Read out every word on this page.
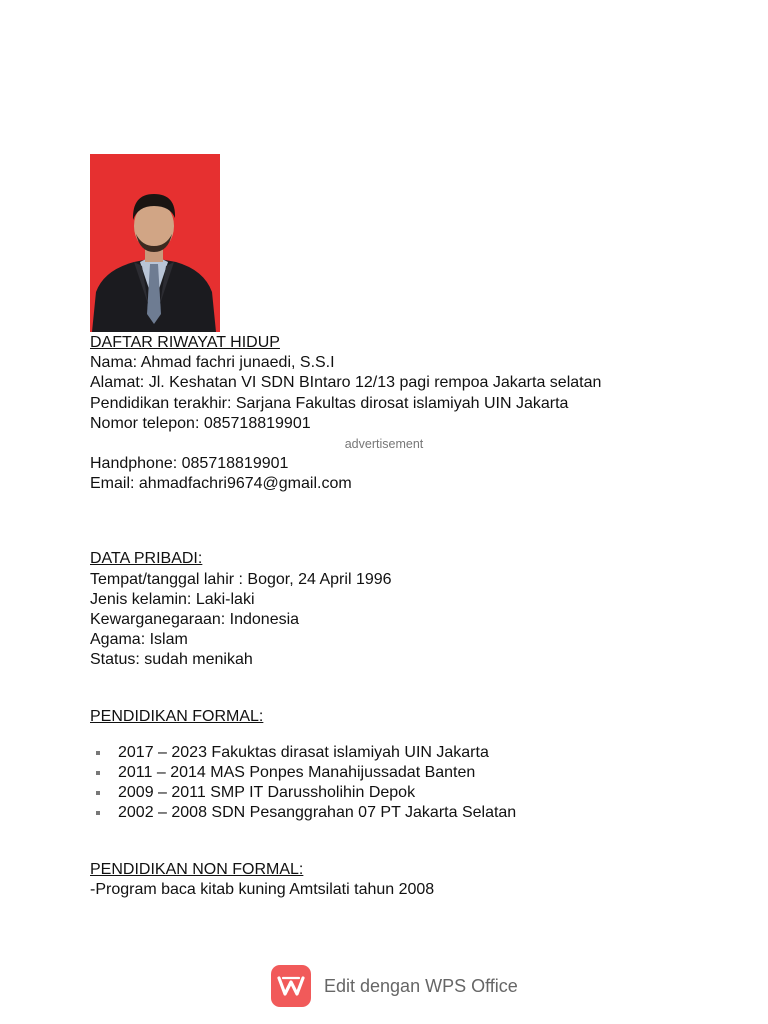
DAFTAR RIWAYAT HIDUP
Nama: Ahmad fachri junaedi, S.S.I
Alamat: Jl. Keshatan VI SDN BIntaro 12/13 pagi rempoa Jakarta selatan
Pendidikan terakhir: Sarjana Fakultas dirosat islamiyah UIN Jakarta
Nomor telepon: 085718819901
advertisement
Handphone: 085718819901
Email: ahmadfachri9674@gmail.com
DATA PRIBADI:
Tempat/tanggal lahir : Bogor, 24 April 1996
Jenis kelamin: Laki-laki
Kewarganegaraan: Indonesia
Agama: Islam
Status: sudah menikah
PENDIDIKAN FORMAL:
2017 – 2023 Fakuktas dirasat islamiyah UIN Jakarta
2011 – 2014 MAS Ponpes Manahijussadat Banten
2009 – 2011 SMP IT Darussholihin Depok
2002 – 2008 SDN Pesanggrahan 07 PT Jakarta Selatan
PENDIDIKAN NON FORMAL:
-Program baca kitab kuning Amtsilati tahun 2008
Edit dengan WPS Office
